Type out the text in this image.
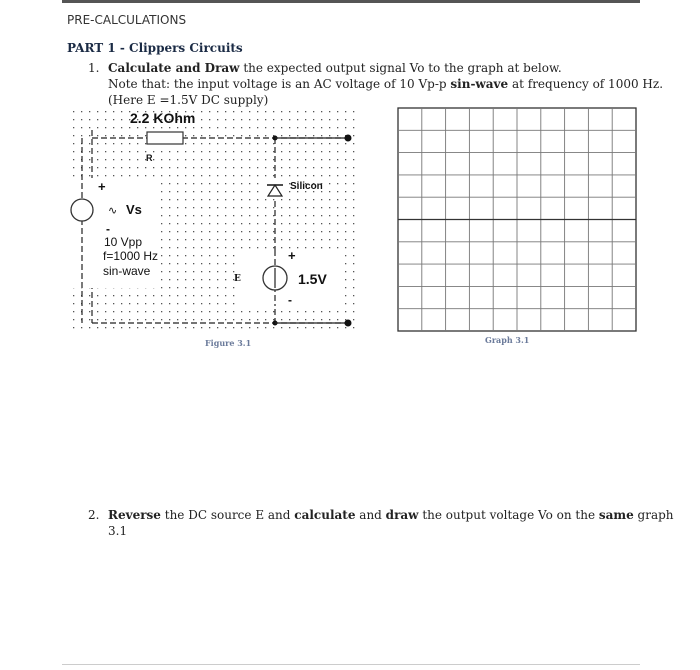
PRE-CALCULATIONS
PART 1 - Clippers Circuits
1. Calculate and Draw the expected output signal Vo to the graph at below.
Note that: the input voltage is an AC voltage of 10 Vp-p sin-wave at frequency of 1000 Hz.
(Here E =1.5V DC supply)
2.2 KOhm
R
+
∿ Vs
-
10 Vpp
f=1000 Hz
sin-wave
Silicon
E
+
1.5V
-
Figure 3.1	Graph 3.1
2. Reverse the DC source E and calculate and draw the output voltage Vo on the same graph
3.1
